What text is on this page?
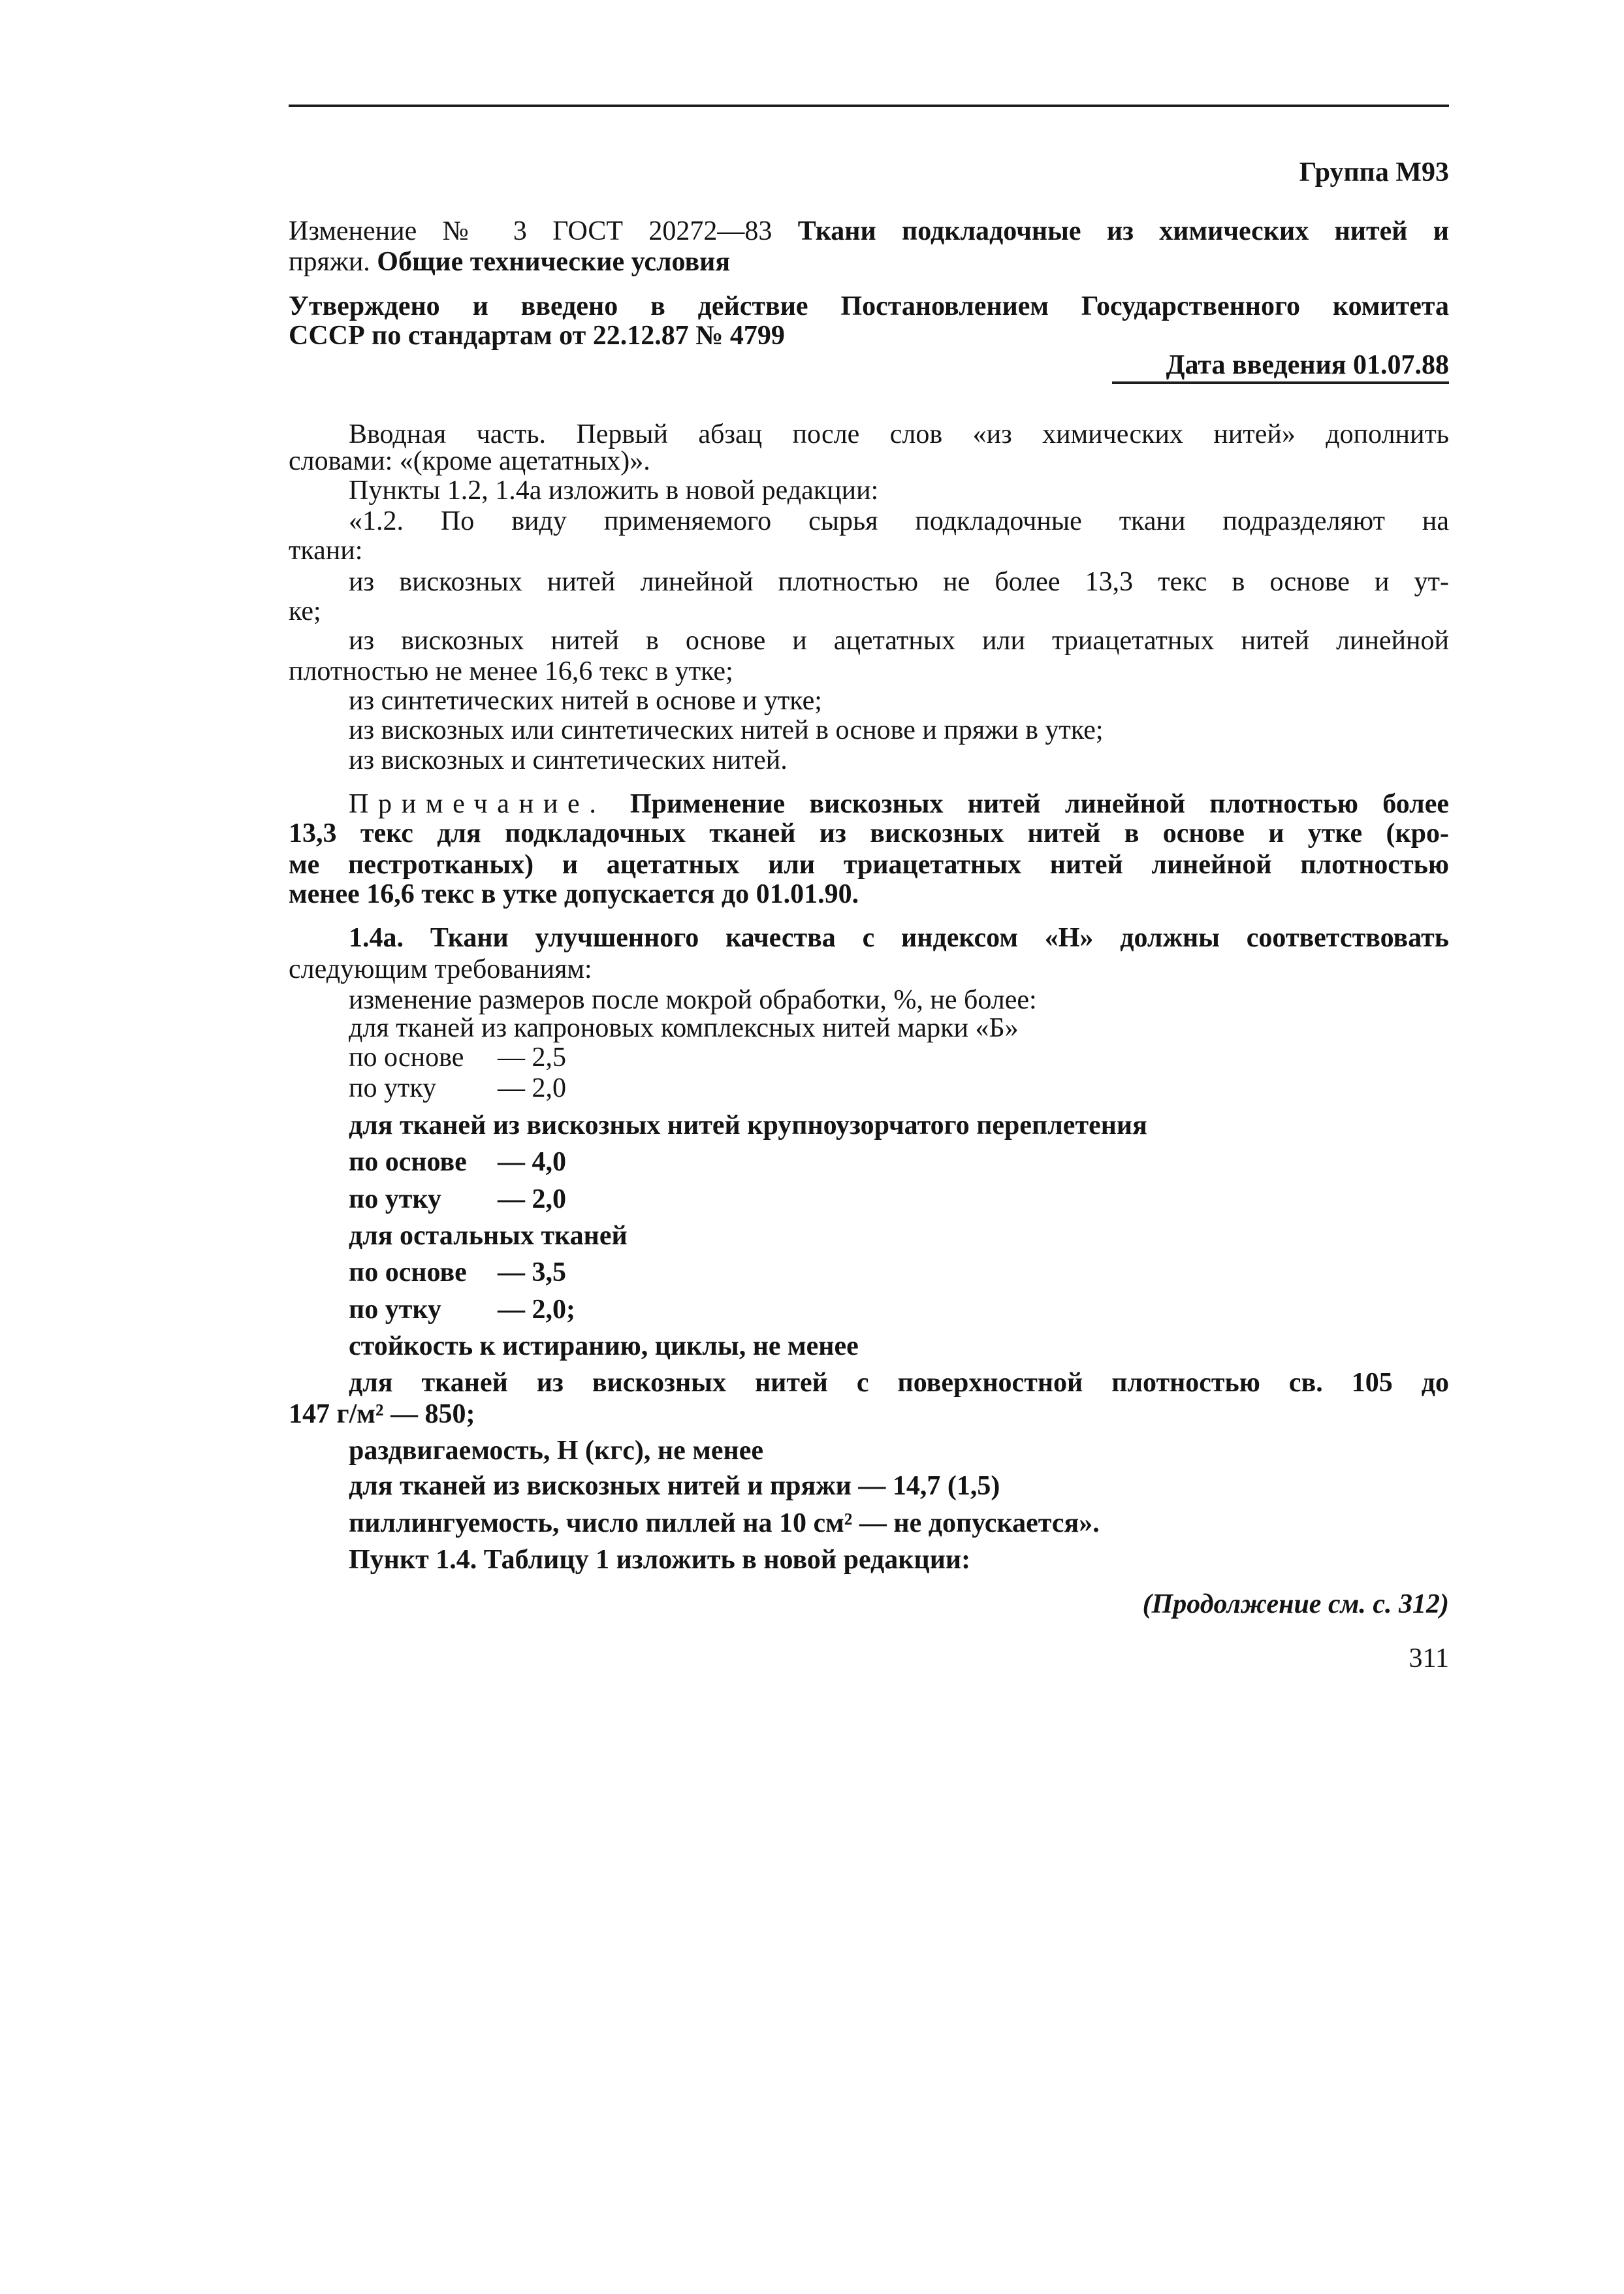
Группа М93
Изменение № 3 ГОСТ 20272—83 Ткани подкладочные из химических нитей и
пряжи. Общие технические условия
Утверждено и введено в действие Постановлением Государственного комитета
СССР по стандартам от 22.12.87 № 4799
Дата введения 01.07.88
Вводная часть. Первый абзац после слов «из химических нитей» дополнить
словами: «(кроме ацетатных)».
Пункты 1.2, 1.4а изложить в новой редакции:
«1.2. По виду применяемого сырья подкладочные ткани подразделяют на
ткани:
из вискозных нитей линейной плотностью не более 13,3 текс в основе и ут-
ке;
из вискозных нитей в основе и ацетатных или триацетатных нитей линейной
плотностью не менее 16,6 текс в утке;
из синтетических нитей в основе и утке;
из вискозных или синтетических нитей в основе и пряжи в утке;
из вискозных и синтетических нитей.
Примечание. Применение вискозных нитей линейной плотностью более
13,3 текс для подкладочных тканей из вискозных нитей в основе и утке (кро-
ме пестротканых) и ацетатных или триацетатных нитей линейной плотностью
менее 16,6 текс в утке допускается до 01.01.90.
1.4а. Ткани улучшенного качества с индексом «Н» должны соответствовать
следующим требованиям:
изменение размеров после мокрой обработки, %, не более:
для тканей из капроновых комплексных нитей марки «Б»
по основе — 2,5
по утку — 2,0
для тканей из вискозных нитей крупноузорчатого переплетения
по основе — 4,0
по утку — 2,0
для остальных тканей
по основе — 3,5
по утку — 2,0;
стойкость к истиранию, циклы, не менее
для тканей из вискозных нитей с поверхностной плотностью св. 105 до
147 г/м² — 850;
раздвигаемость, Н (кгс), не менее
для тканей из вискозных нитей и пряжи — 14,7 (1,5)
пиллингуемость, число пиллей на 10 см² — не допускается».
Пункт 1.4. Таблицу 1 изложить в новой редакции:
(Продолжение см. с. 312)
311
